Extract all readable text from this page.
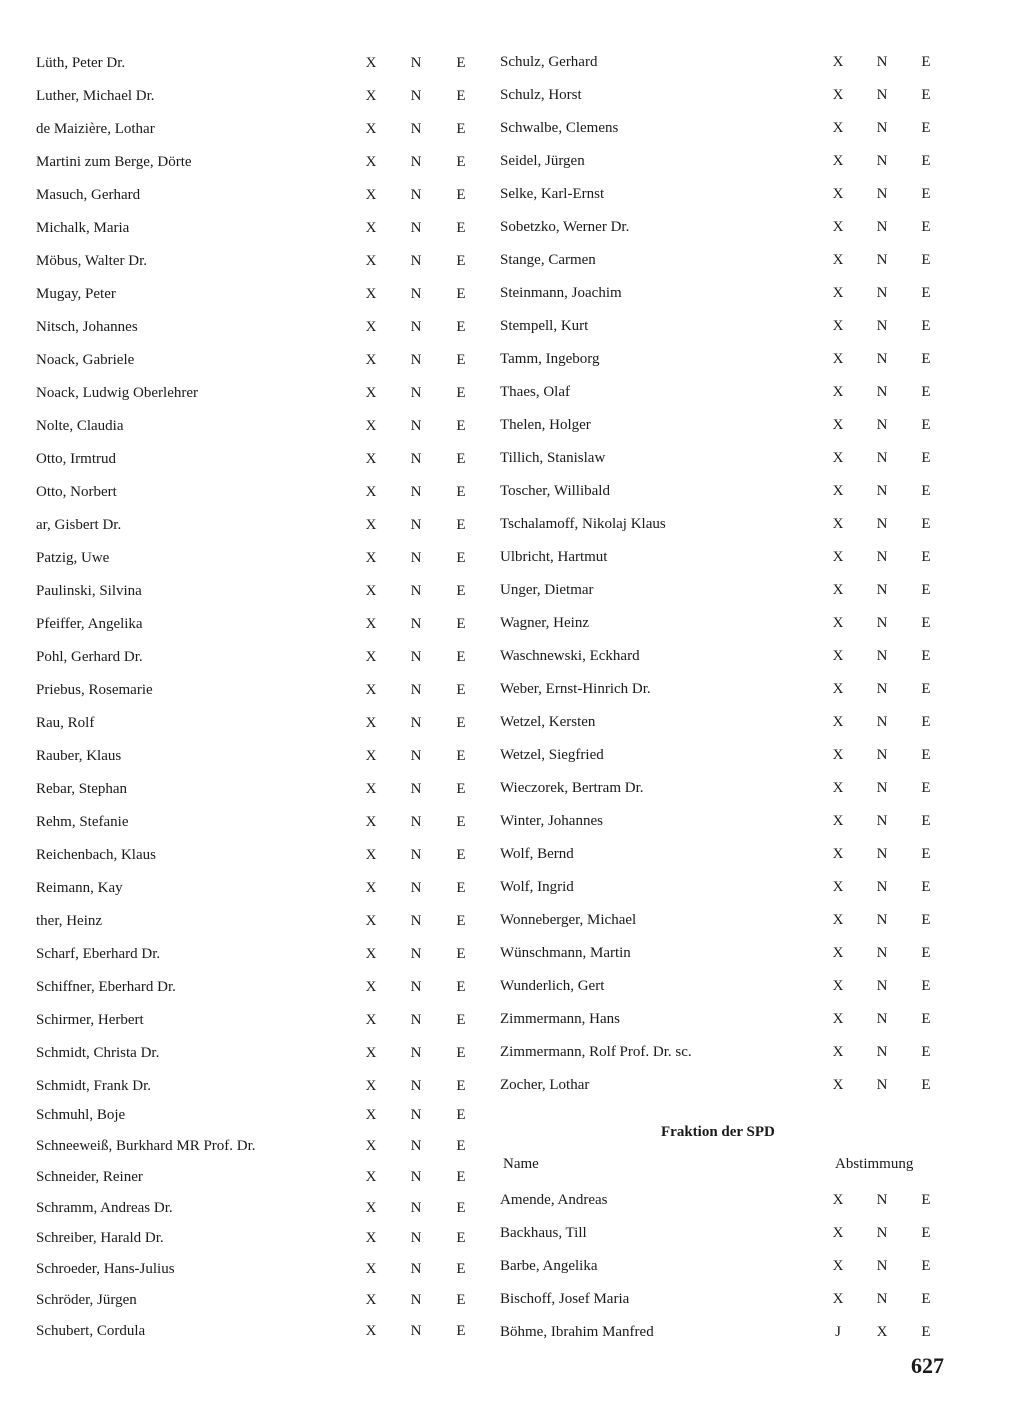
Lüth, Peter Dr.	X N E
Luther, Michael Dr.	X N E
de Maizière, Lothar	X N E
Martini zum Berge, Dörte	X N E
Masuch, Gerhard	X N E
Michalk, Maria	X N E
Möbus, Walter Dr.	X N E
Mugay, Peter	X N E
Nitsch, Johannes	X N E
Noack, Gabriele	X N E
Noack, Ludwig Oberlehrer	X N E
Nolte, Claudia	X N E
Otto, Irmtrud	X N E
Otto, Norbert	X N E
ar, Gisbert Dr.	X N E
Patzig, Uwe	X N E
Paulinski, Silvina	X N E
Pfeiffer, Angelika	X N E
Pohl, Gerhard Dr.	X N E
Priebus, Rosemarie	X N E
Rau, Rolf	X N E
Rauber, Klaus	X N E
Rebar, Stephan	X N E
Rehm, Stefanie	X N E
Reichenbach, Klaus	X N E
Reimann, Kay	X N E
ther, Heinz	X N E
Scharf, Eberhard Dr.	X N E
Schiffner, Eberhard Dr.	X N E
Schirmer, Herbert	X N E
Schmidt, Christa Dr.	X N E
Schmidt, Frank Dr.	X N E
Schmuhl, Boje	X N E
Schneeweiß, Burkhard MR Prof. Dr.	X N E
Schneider, Reiner	X N E
Schramm, Andreas Dr.	X N E
Schreiber, Harald Dr.	X N E
Schroeder, Hans-Julius	X N E
Schröder, Jürgen	X N E
Schubert, Cordula	X N E
Schulz, Gerhard	X N E
Schulz, Horst	X N E
Schwalbe, Clemens	X N E
Seidel, Jürgen	X N E
Selke, Karl-Ernst	X N E
Sobetzko, Werner Dr.	X N E
Stange, Carmen	X N E
Steinmann, Joachim	X N E
Stempell, Kurt	X N E
Tamm, Ingeborg	X N E
Thaes, Olaf	X N E
Thelen, Holger	X N E
Tillich, Stanislaw	X N E
Toscher, Willibald	X N E
Tschalamoff, Nikolaj Klaus	X N E
Ulbricht, Hartmut	X N E
Unger, Dietmar	X N E
Wagner, Heinz	X N E
Waschnewski, Eckhard	X N E
Weber, Ernst-Hinrich Dr.	X N E
Wetzel, Kersten	X N E
Wetzel, Siegfried	X N E
Wieczorek, Bertram Dr.	X N E
Winter, Johannes	X N E
Wolf, Bernd	X N E
Wolf, Ingrid	X N E
Wonneberger, Michael	X N E
Wünschmann, Martin	X N E
Wunderlich, Gert	X N E
Zimmermann, Hans	X N E
Zimmermann, Rolf Prof. Dr. sc.	X N E
Zocher, Lothar	X N E
Amende, Andreas	X N E
Backhaus, Till	X N E
Barbe, Angelika	X N E
Bischoff, Josef Maria	X N E
Böhme, Ibrahim Manfred	J X E
Fraktion der SPD
Name	Abstimmung
627
